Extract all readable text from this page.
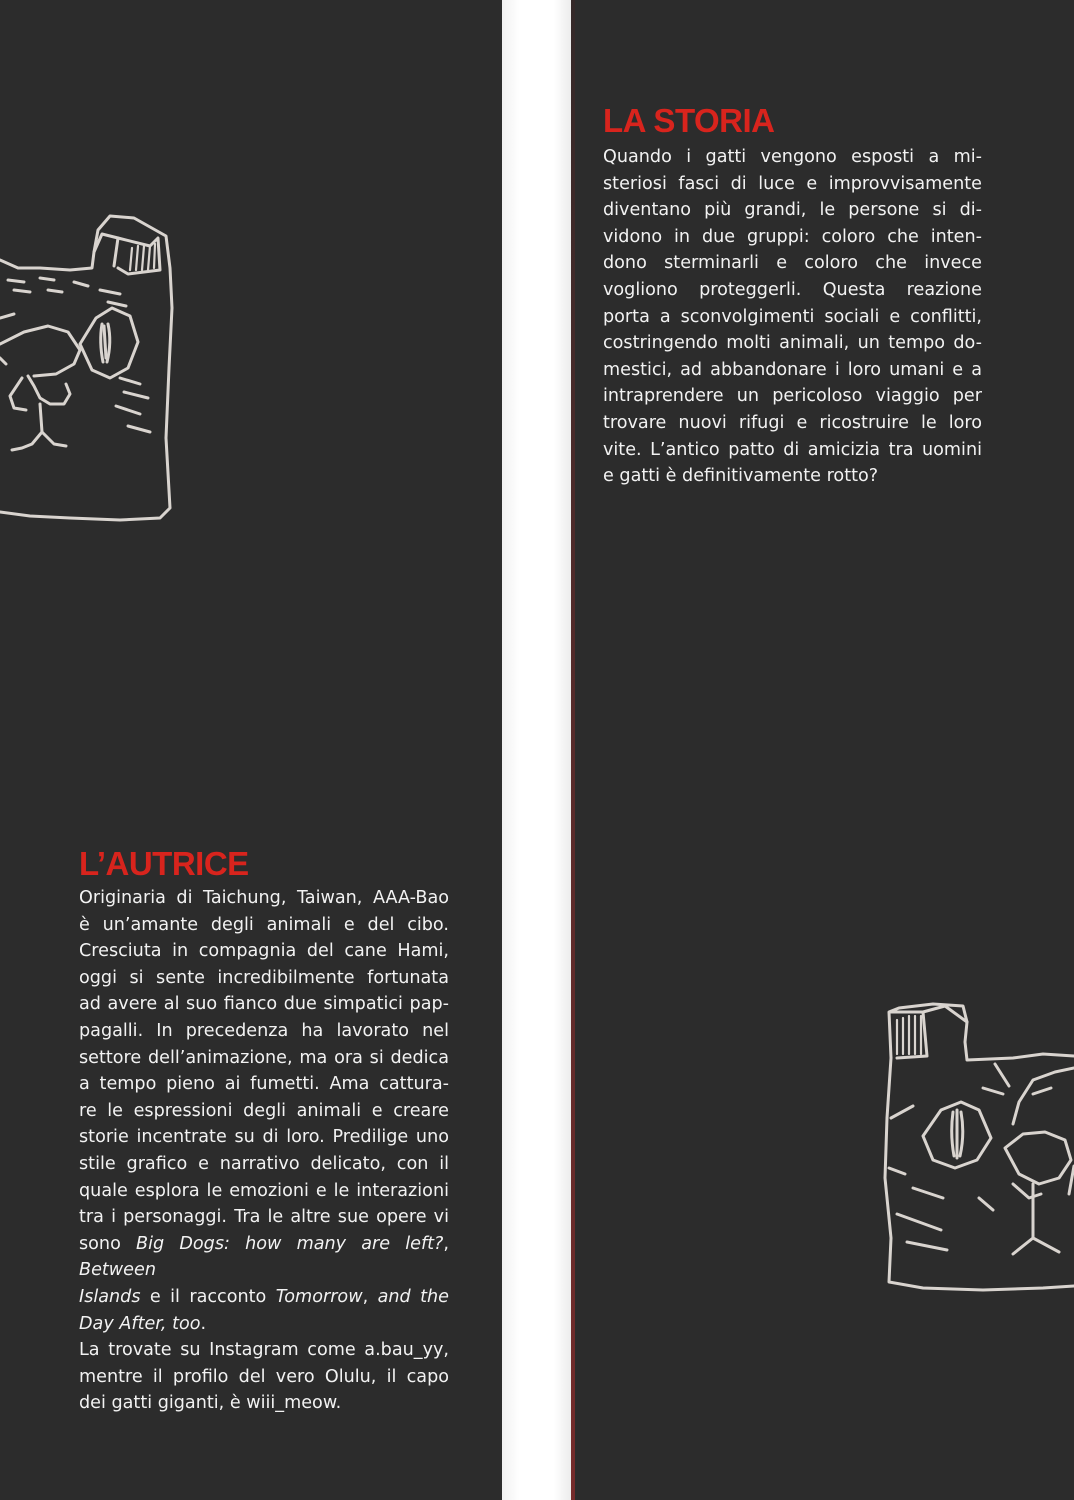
L’AUTRICE
Originaria di Taichung, Taiwan, AAA-Bao
è un’amante degli animali e del cibo.
Cresciuta in compagnia del cane Hami,
oggi si sente incredibilmente fortunata
ad avere al suo fianco due simpatici pap-
pagalli. In precedenza ha lavorato nel
settore dell’animazione, ma ora si dedica
a tempo pieno ai fumetti. Ama cattura-
re le espressioni degli animali e creare
storie incentrate su di loro. Predilige uno
stile grafico e narrativo delicato, con il
quale esplora le emozioni e le interazioni
tra i personaggi. Tra le altre sue opere vi
sono Big Dogs: how many are left?, Between
Islands e il racconto Tomorrow, and the
Day After, too.
La trovate su Instagram come a.bau_yy,
mentre il profilo del vero Olulu, il capo
dei gatti giganti, è wiii_meow.
LA STORIA
Quando i gatti vengono esposti a mi-
steriosi fasci di luce e improvvisamente
diventano più grandi, le persone si di-
vidono in due gruppi: coloro che inten-
dono sterminarli e coloro che invece
vogliono proteggerli. Questa reazione
porta a sconvolgimenti sociali e conflitti,
costringendo molti animali, un tempo do-
mestici, ad abbandonare i loro umani e a
intraprendere un pericoloso viaggio per
trovare nuovi rifugi e ricostruire le loro
vite. L’antico patto di amicizia tra uomini
e gatti è definitivamente rotto?
